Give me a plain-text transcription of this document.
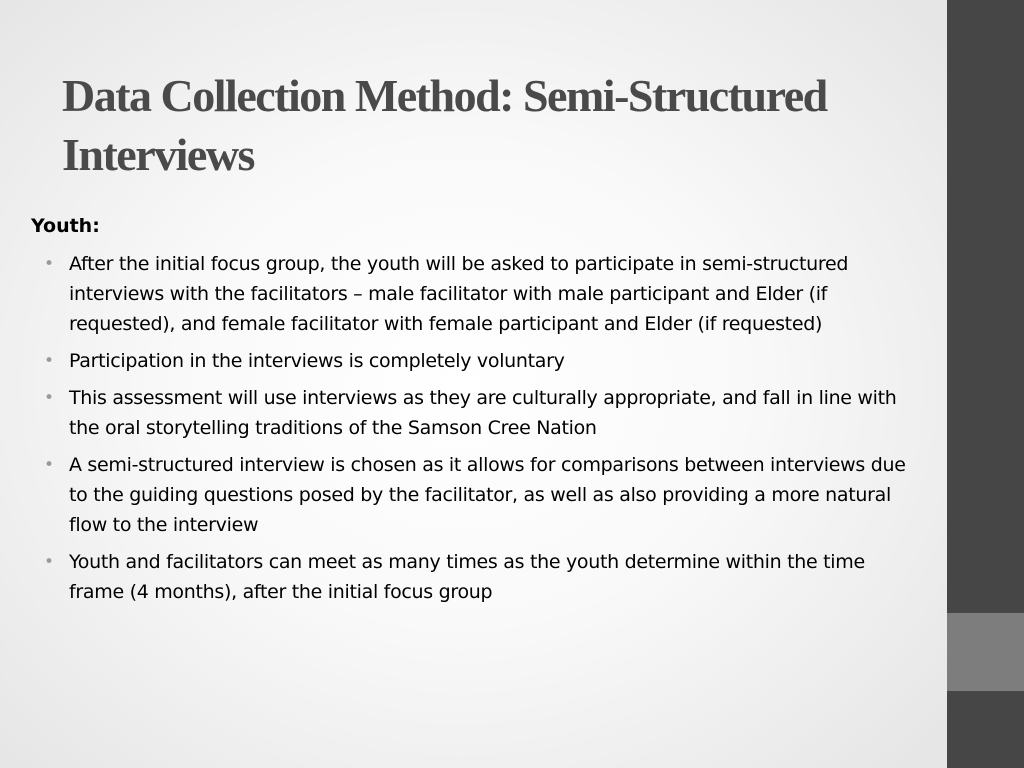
Data Collection Method: Semi-Structured Interviews
Youth:
• After the initial focus group, the youth will be asked to participate in semi-structured interviews with the facilitators – male facilitator with male participant and Elder (if requested), and female facilitator with female participant and Elder (if requested)
• Participation in the interviews is completely voluntary
• This assessment will use interviews as they are culturally appropriate, and fall in line with the oral storytelling traditions of the Samson Cree Nation
• A semi-structured interview is chosen as it allows for comparisons between interviews due to the guiding questions posed by the facilitator, as well as also providing a more natural flow to the interview
• Youth and facilitators can meet as many times as the youth determine within the time frame (4 months), after the initial focus group
